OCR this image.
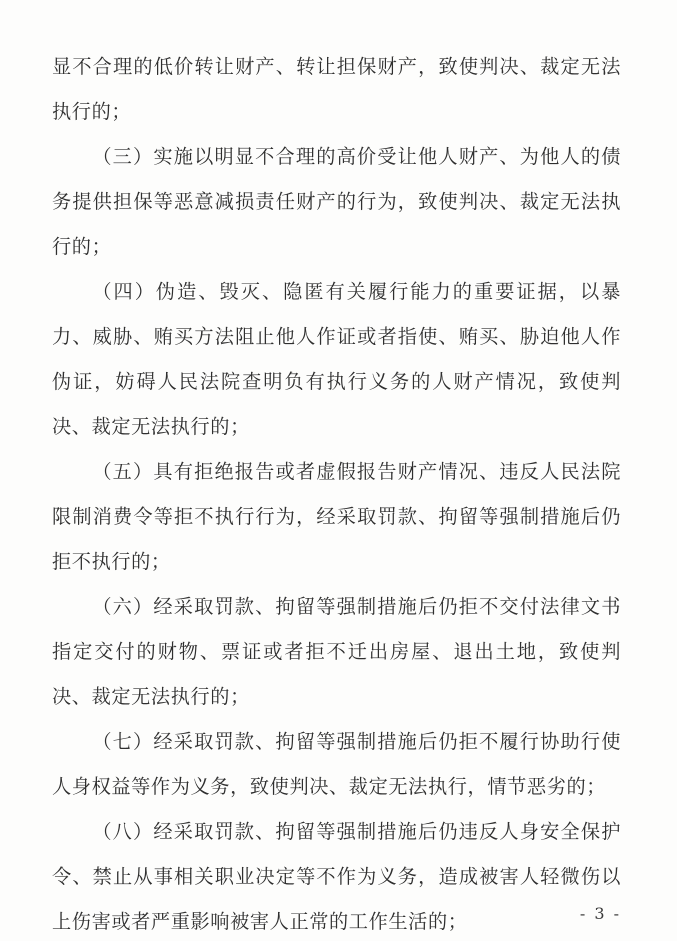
显不合理的低价转让财产、转让担保财产，致使判决、裁定无法执行的；

（三）实施以明显不合理的高价受让他人财产、为他人的债务提供担保等恶意减损责任财产的行为，致使判决、裁定无法执行的；

（四）伪造、毁灭、隐匿有关履行能力的重要证据，以暴力、威胁、贿买方法阻止他人作证或者指使、贿买、胁迫他人作伪证，妨碍人民法院查明负有执行义务的人财产情况，致使判决、裁定无法执行的；

（五）具有拒绝报告或者虚假报告财产情况、违反人民法院限制消费令等拒不执行行为，经采取罚款、拘留等强制措施后仍拒不执行的；

（六）经采取罚款、拘留等强制措施后仍拒不交付法律文书指定交付的财物、票证或者拒不迁出房屋、退出土地，致使判决、裁定无法执行的；

（七）经采取罚款、拘留等强制措施后仍拒不履行协助行使人身权益等作为义务，致使判决、裁定无法执行，情节恶劣的；

（八）经采取罚款、拘留等强制措施后仍违反人身安全保护令、禁止从事相关职业决定等不作为义务，造成被害人轻微伤以上伤害或者严重影响被害人正常的工作生活的；	- 3 -
